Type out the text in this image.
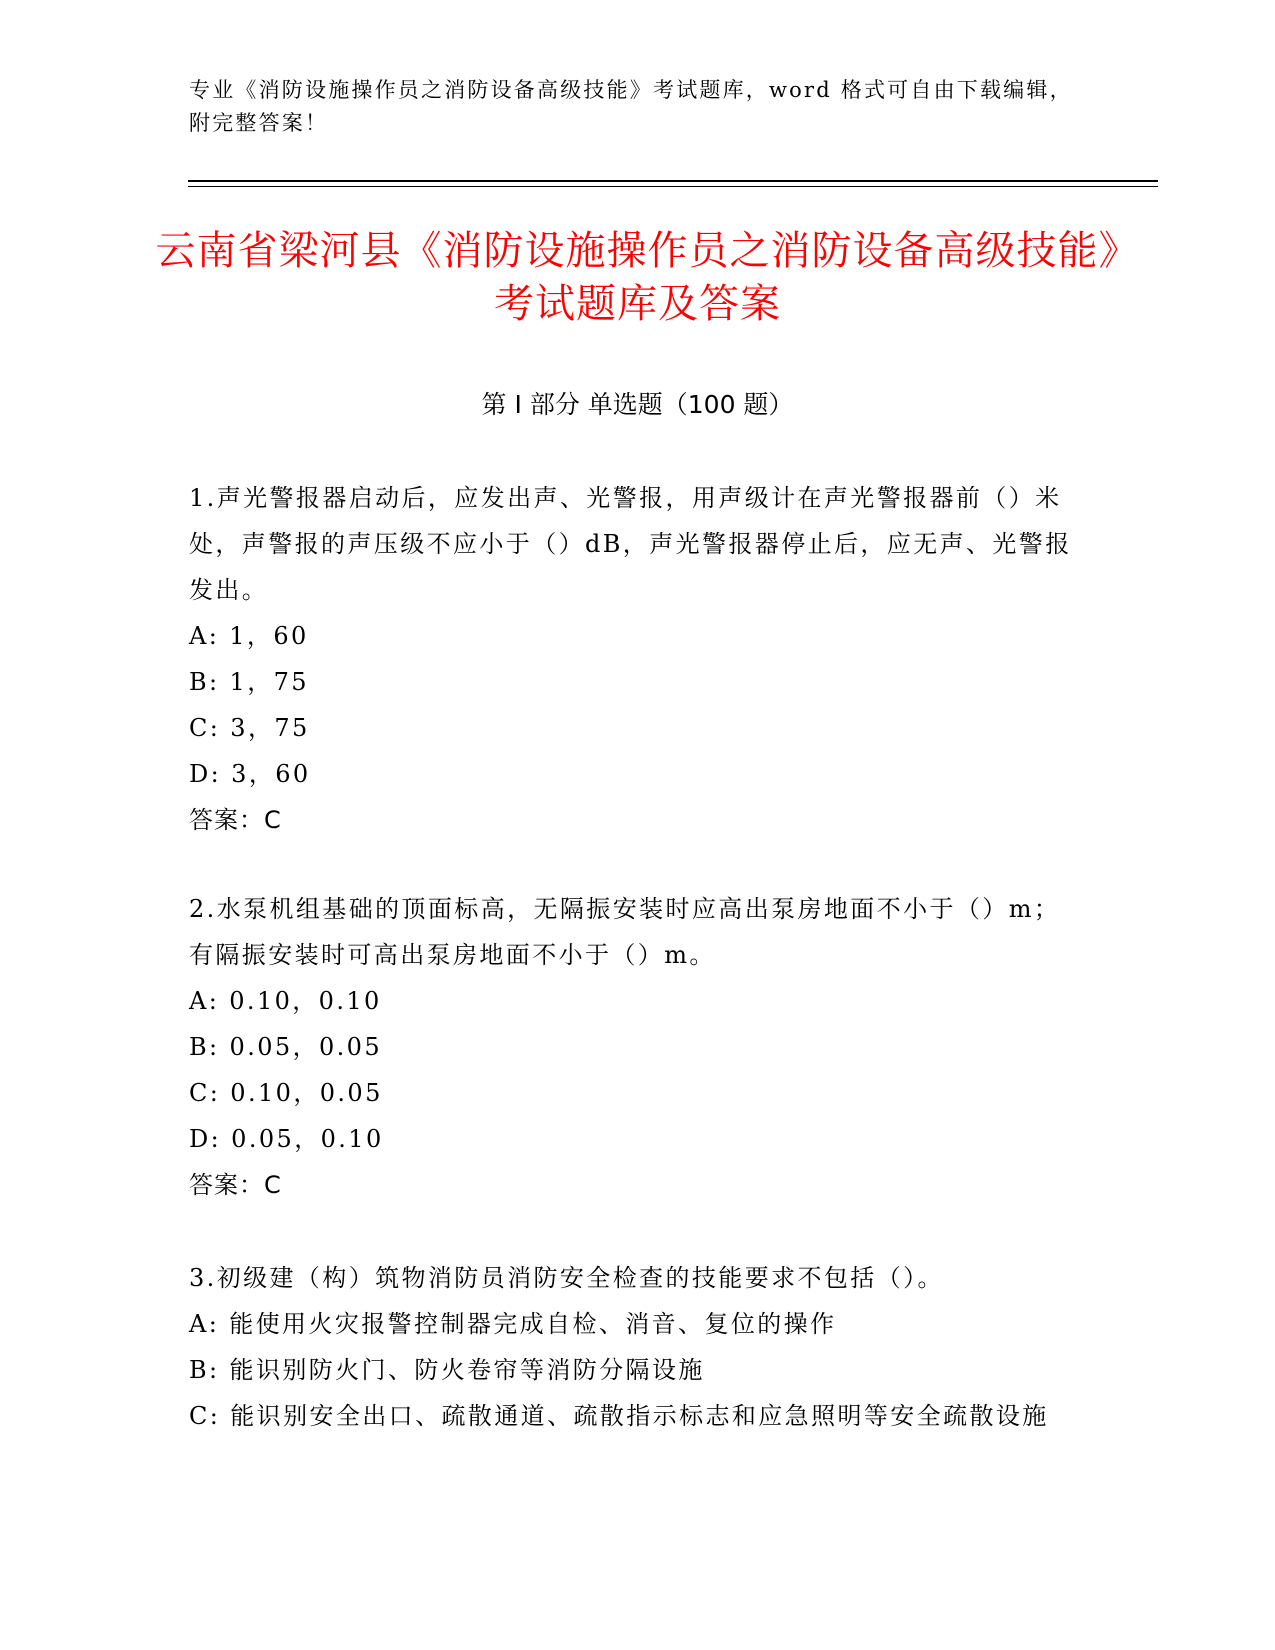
专业《消防设施操作员之消防设备高级技能》考试题库，word 格式可自由下载编辑，附完整答案！
云南省梁河县《消防设施操作员之消防设备高级技能》考试题库及答案
第 I 部分 单选题（100 题）

1.声光警报器启动后，应发出声、光警报，用声级计在声光警报器前（）米处，声警报的声压级不应小于（）dB，声光警报器停止后，应无声、光警报发出。

A: 1，60

B: 1，75

C: 3，75

D: 3，60

答案：C

2.水泵机组基础的顶面标高，无隔振安装时应高出泵房地面不小于（）m；有隔振安装时可高出泵房地面不小于（）m。

A: 0.10，0.10

B: 0.05，0.05

C: 0.10，0.05

D: 0.05，0.10

答案：C

3.初级建（构）筑物消防员消防安全检查的技能要求不包括（）。

A: 能使用火灾报警控制器完成自检、消音、复位的操作

B: 能识别防火门、防火卷帘等消防分隔设施

C: 能识别安全出口、疏散通道、疏散指示标志和应急照明等安全疏散设施
